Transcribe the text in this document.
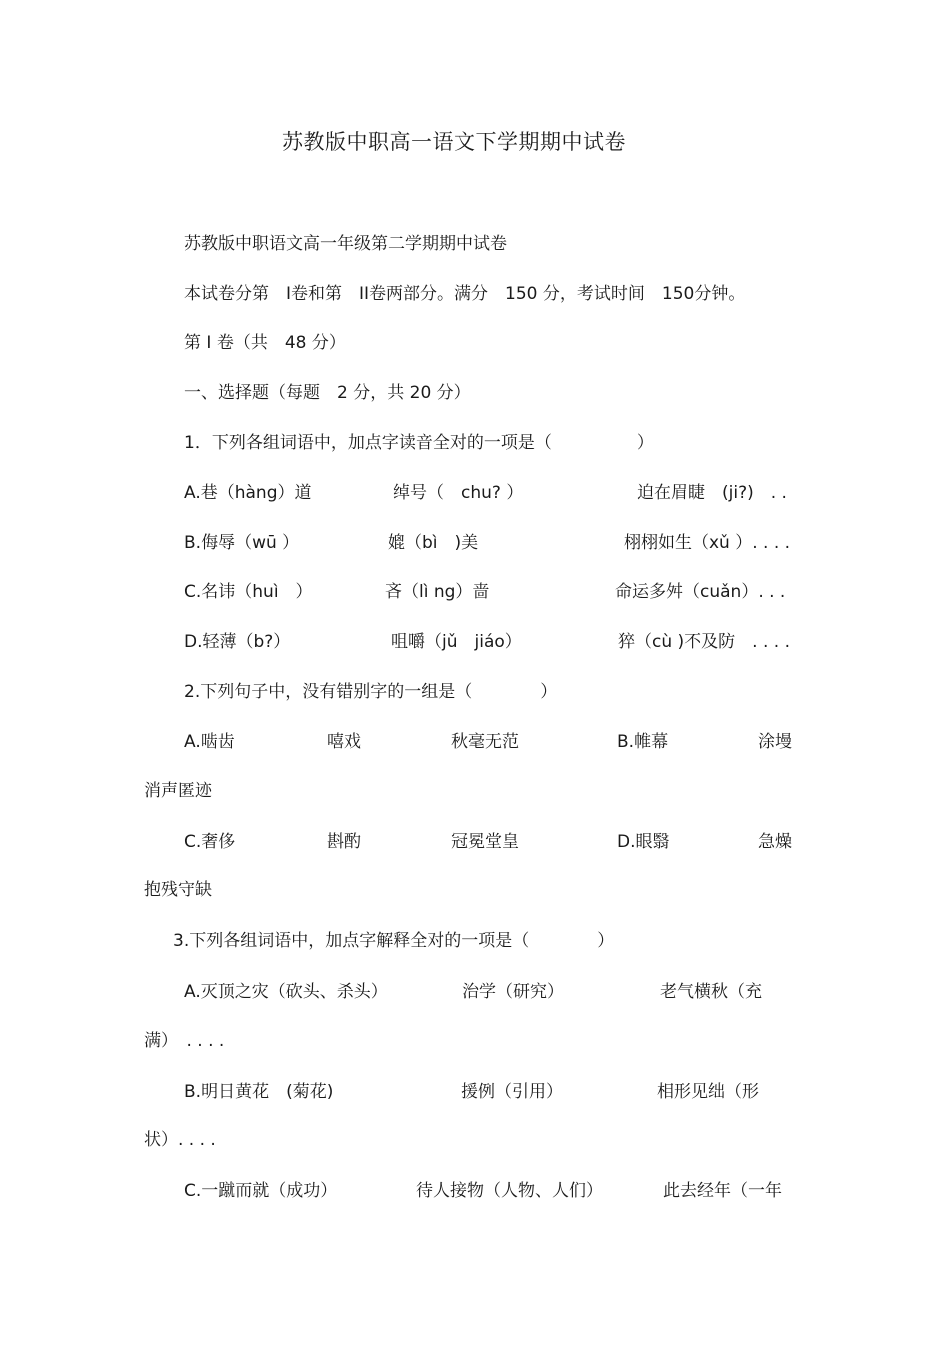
苏教版中职高一语文下学期期中试卷
苏教版中职语文高一年级第二学期期中试卷
本试卷分第　I卷和第　II卷两部分。满分　150 分，考试时间　150分钟。
第 I 卷（共　48 分）
一、选择题（每题　2 分，共 20 分）
1．下列各组词语中，加点字读音全对的一项是（　　　　　）
A.巷（hàng）道	绰号（　chu? ）	迫在眉睫　(ji?)　. .
B.侮辱（wū ）	媲（bì　)美	栩栩如生（xǔ ）. . . .
C.名讳（huì　）	吝（lì ng）啬	命运多舛（cuǎn）. . .
D.轻薄（b?）	咀嚼（jǔ　jiáo）	猝（cù )不及防　. . . .
2.下列句子中，没有错别字的一组是（　　　　）
A.啮齿	嘻戏	秋毫无范	B.帷幕	涂墁
消声匿迹
C.奢侈	斟酌	冠冕堂皇	D.眼翳	急燥
抱残守缺
3.下列各组词语中，加点字解释全对的一项是（　　　　）
A.灭顶之灾（砍头、杀头）	治学（研究）	老气横秋（充
满）　. . . .
B.明日黄花　(菊花)	援例（引用）	相形见绌（形
状）. . . .
C.一蹴而就（成功）	待人接物（人物、人们）	此去经年（一年
